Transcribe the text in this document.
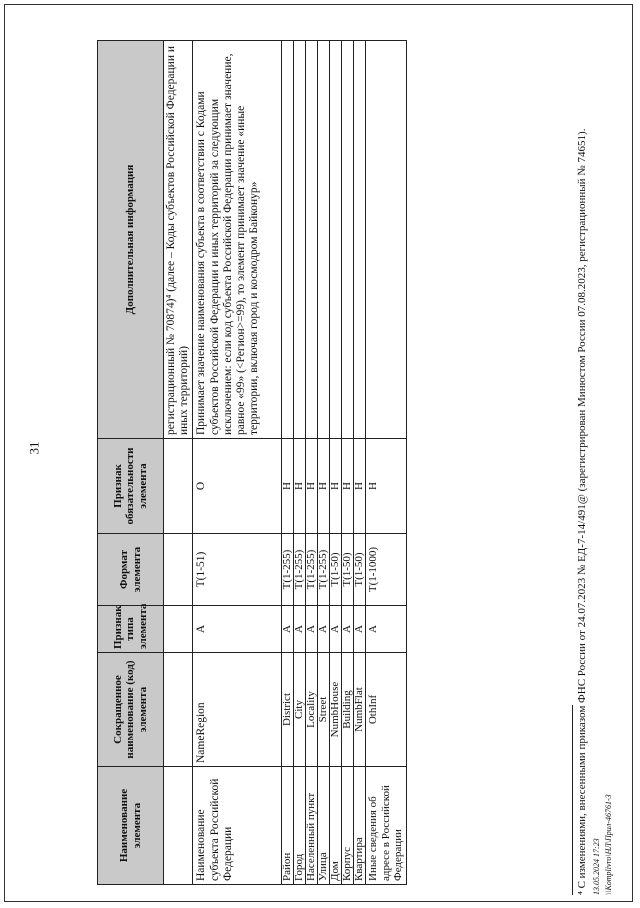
31
Наименование элемента	Сокращенное наименование (код) элемента	Признак типа элемента	Формат элемента	Признак обязательности элемента	Дополнительная информация
					регистрационный № 70874)⁴ (далее – Коды субъектов Российской Федерации и иных территорий)
Наименование субъекта Российской Федерации	NameRegion	А	T(1-51)	О	Принимает значение наименования субъекта в соответствии с Кодами субъектов Российской Федерации и иных территорий за следующим исключением: если код субъекта Российской Федерации принимает значение, равное «99» (<Регион>=99), то элемент принимает значение «иные территории, включая город и космодром Байконур»
Район	District	А	T(1-255)	Н	
Город	City	А	T(1-255)	Н	
Населенный пункт	Locality	А	T(1-255)	Н	
Улица	Street	А	T(1-255)	Н	
Дом	NumbHouse	А	T(1-50)	Н	
Корпус	Building	А	T(1-50)	Н	
Квартира	NumbFlat	А	T(1-50)	Н	
Иные сведения об адресе в Российской Федерации	OthInf	А	T(1-1000)	Н		⁴ С изменениями, внесенными приказом ФНС России от 24.07.2023 № ЕД-7-14/491@ (зарегистрирован Минюстом России 07.08.2023, регистрационный № 74651). 13.05.2024 17:23 \\Komplivro\НЛ\Прил-46761-3
